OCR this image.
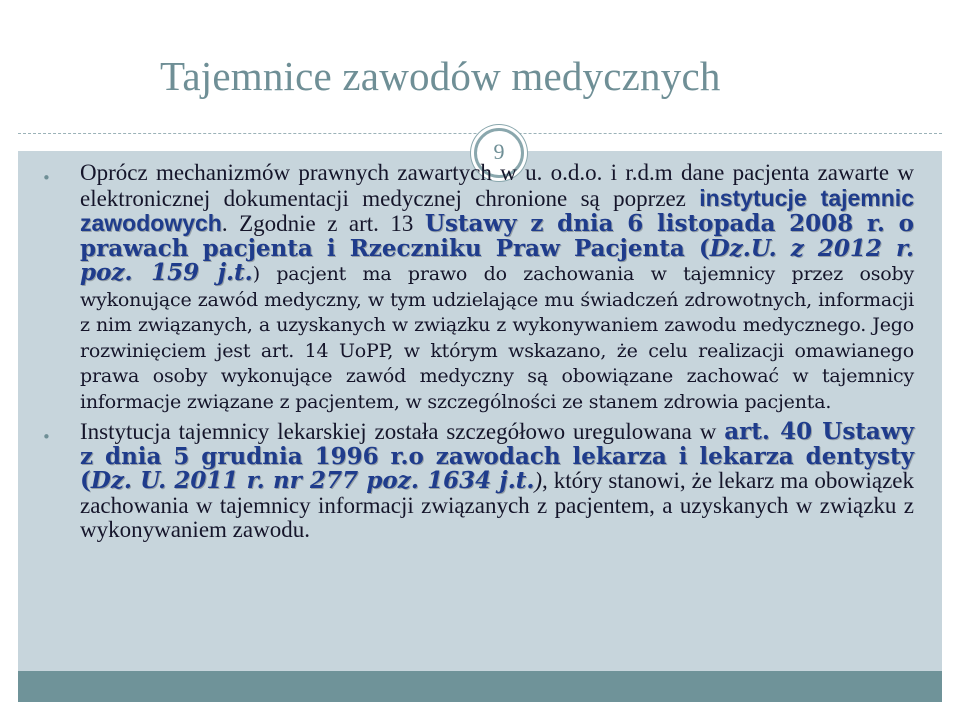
Tajemnice zawodów medycznych
9
• Oprócz mechanizmów prawnych zawartych w u. o.d.o. i r.d.m dane pacjenta zawarte w elektronicznej dokumentacji medycznej chronione są poprzez instytucje tajemnic zawodowych. Zgodnie z art. 13 Ustawy z dnia 6 listopada 2008 r. o prawach pacjenta i Rzeczniku Praw Pacjenta (Dz.U. z 2012 r. poz. 159 j.t.) pacjent ma prawo do zachowania w tajemnicy przez osoby wykonujące zawód medyczny, w tym udzielające mu świadczeń zdrowotnych, informacji z nim związanych, a uzyskanych w związku z wykonywaniem zawodu medycznego. Jego rozwinięciem jest art. 14 UoPP, w którym wskazano, że celu realizacji omawianego prawa osoby wykonujące zawód medyczny są obowiązane zachować w tajemnicy informacje związane z pacjentem, w szczególności ze stanem zdrowia pacjenta.
• Instytucja tajemnicy lekarskiej została szczegółowo uregulowana w art. 40 Ustawy z dnia 5 grudnia 1996 r.o zawodach lekarza i lekarza dentysty (Dz. U. 2011 r. nr 277 poz. 1634 j.t.), który stanowi, że lekarz ma obowiązek zachowania w tajemnicy informacji związanych z pacjentem, a uzyskanych w związku z wykonywaniem zawodu.
